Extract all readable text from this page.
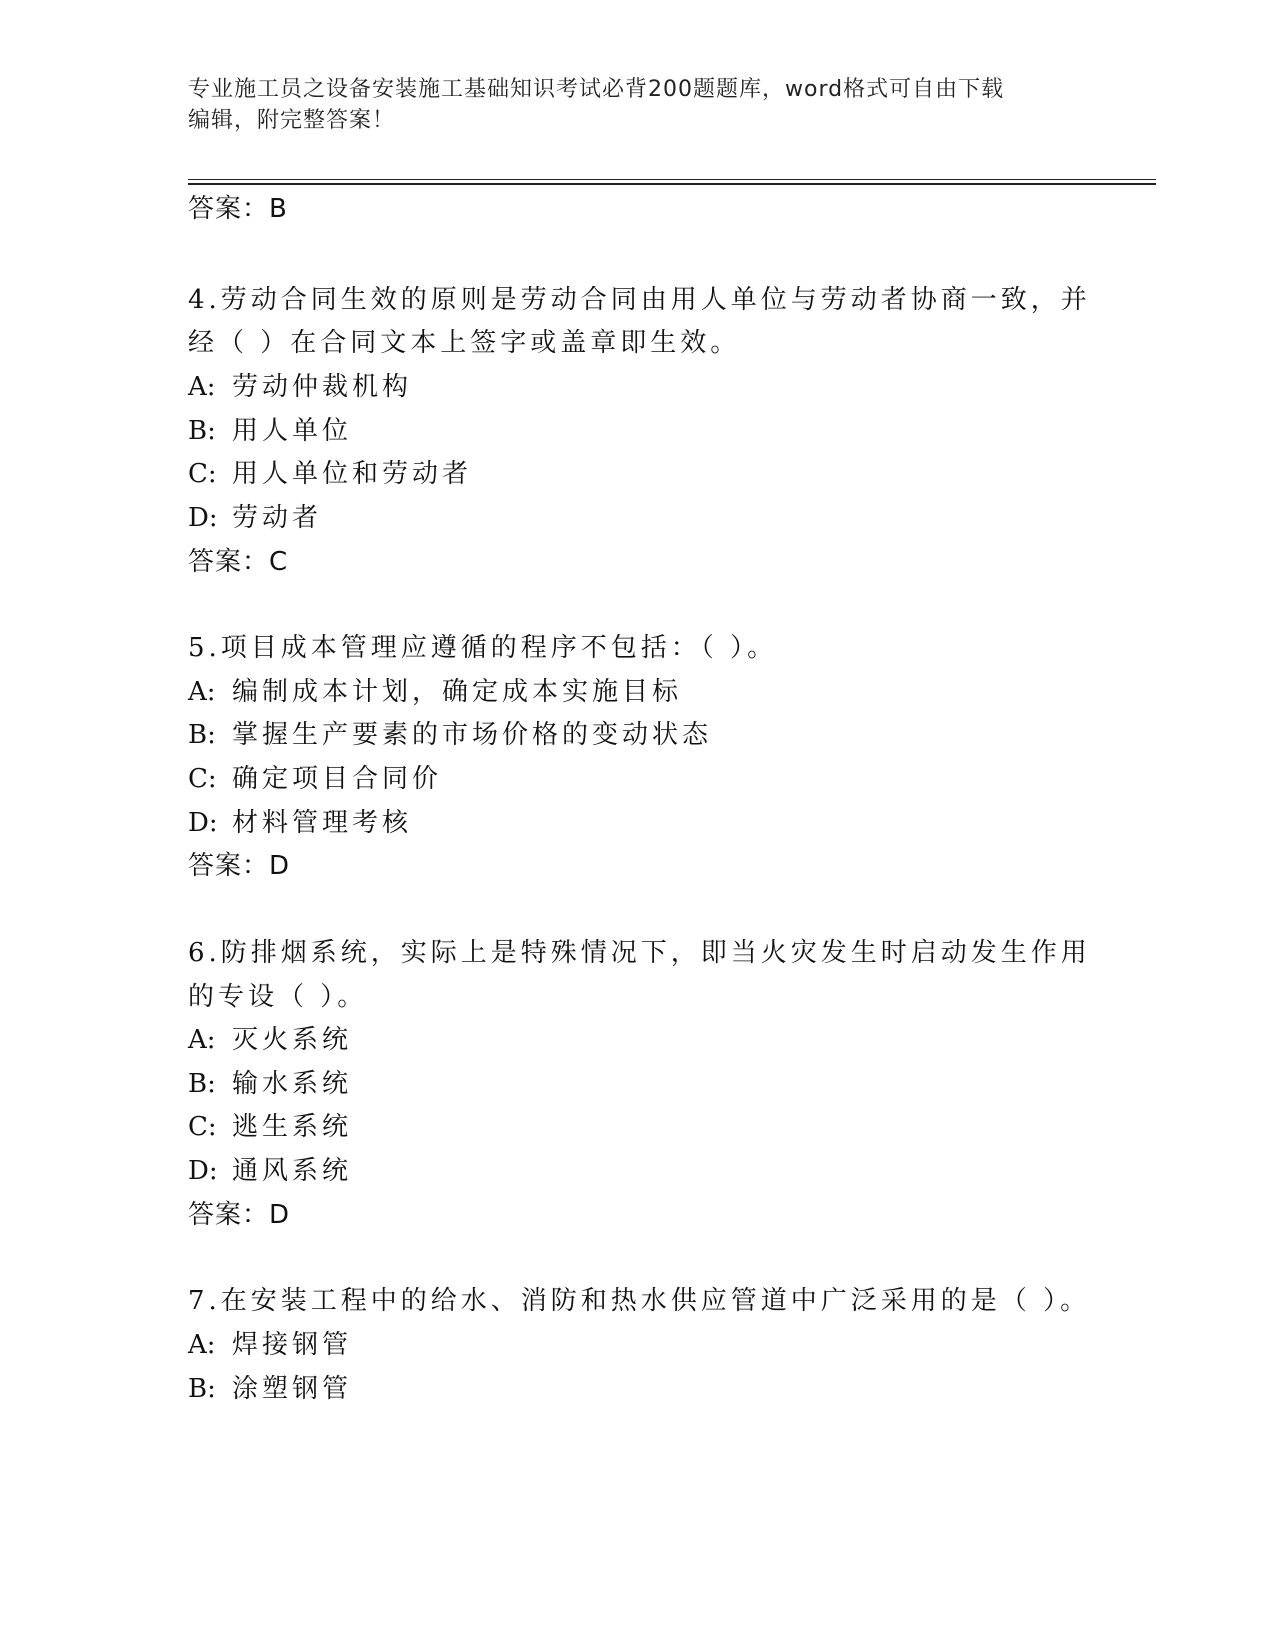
专业施工员之设备安装施工基础知识考试必背200题题库，word格式可自由下载
编辑，附完整答案！
答案：B
4.劳动合同生效的原则是劳动合同由用人单位与劳动者协商一致，并
经（ ）在合同文本上签字或盖章即生效。
A: 劳动仲裁机构
B: 用人单位
C: 用人单位和劳动者
D: 劳动者
答案：C
5.项目成本管理应遵循的程序不包括：（ ）。
A: 编制成本计划，确定成本实施目标
B: 掌握生产要素的市场价格的变动状态
C: 确定项目合同价
D: 材料管理考核
答案：D
6.防排烟系统，实际上是特殊情况下，即当火灾发生时启动发生作用
的专设（ ）。
A: 灭火系统
B: 输水系统
C: 逃生系统
D: 通风系统
答案：D
7.在安装工程中的给水、消防和热水供应管道中广泛采用的是（ ）。
A: 焊接钢管
B: 涂塑钢管
